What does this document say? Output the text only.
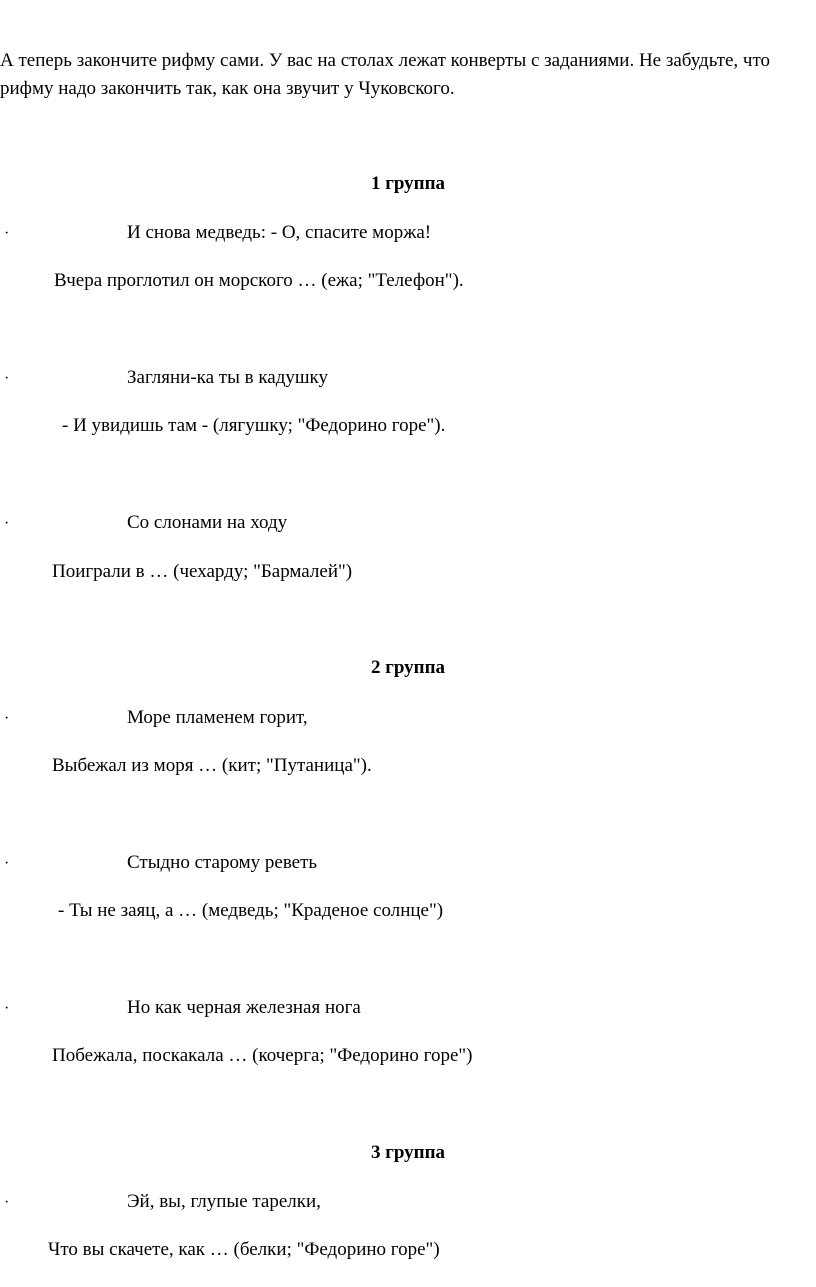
А теперь закончите рифму сами. У вас на столах лежат конверты с заданиями. Не забудьте, что рифму надо закончить так, как она звучит у Чуковского.

1 группа

·	И снова медведь: - О, спасите моржа!

Вчера проглотил он морского … (ежа; "Телефон").

·	Загляни-ка ты в кадушку

- И увидишь там - (лягушку; "Федорино горе").

·	Со слонами на ходу

Поиграли в … (чехарду; "Бармалей")

2 группа

·	Море пламенем горит,

Выбежал из моря … (кит; "Путаница").

·	Стыдно старому реветь

- Ты не заяц, а … (медведь; "Краденое солнце")

·	Но как черная железная нога

Побежала, поскакала … (кочерга; "Федорино горе")

3 группа

·	Эй, вы, глупые тарелки,

Что вы скачете, как … (белки; "Федорино горе")
